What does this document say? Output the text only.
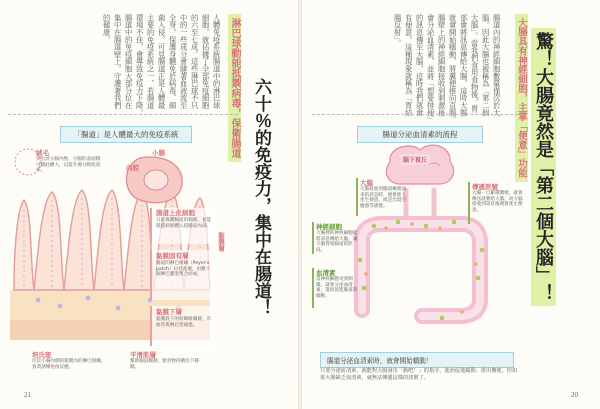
淋巴球動能抵禦病毒，保衛腸道
人體免疫系統腸道中的淋巴球
細胞，就佔據了全部免疫細胞
的六至七成。這些淋巴球不只
中的一些成分會隨著血液流至
全身，保護身體免於病毒、細
菌入侵。可見腸道正是人體最
主要的免疫系統之一，若腸道
環境不佳，會導致免疫力下降。
腸道中的免疫細胞大部分位在
集中在腸道壁上，守護著我們
的健康。
六十％的免疫力，集中在腸道！
「腸道」是人體最大的免疫系統
絨毛
突出於小腸內壁、小腸的表面積可藉此擴大，以提升養分吸收效率。
小腸
內腔
腸道上皮細胞
分泌保護腸道的黏液，並能阻擋病原體入侵腸道內部。
黏膜固有層
腸道的淋巴組織（Peyer's patch）位於此處，由數十個淋巴濾泡集合而成。
黏膜層
黏膜下層
黏膜底下的結締組織層，有血管與淋巴管通過。
培氏斑
位於小腸內側的黏膜內的淋巴組織，負責誘導免疫反應。
平滑肌層
幫助腸道蠕動，使食物持續往下移動。
21
大腸具有神經細胞，主掌「便意」功能
腸道內的神經細胞數量僅次於大
腦，因此大腸也被稱為「第二個
大腦」。當我們食用食物後，胃
部會將訊息傳給大腸，這時大腸
就會開始蠕動，將糞便推向直腸。
腸壁上的神經細胞接收到刺激後
會分泌血清素，並將「想要排便」
的訊息傳至大腦，這時我們就會
有便意，這種現象就稱為「胃結
腸反射」。
驚！大腸竟然是「第二個大腦」！
腸道分泌血清素的流程
腦下視丘
大腦
大腦接收到腸道傳遞而來的訊息時，便會使人產生便意，或是出現空腹感等感覺。
傳遞訊號
大腸一旦累積糞便，就會傳送訊號給大腦，而大腦接收到訊息後便會產生便意。
神經細胞
大腸裡的神經細胞能將訊息傳給大腦，讓大腦得知腸道的狀況。
血清素
當神經細胞受到刺激，就會分泌血清素，進而促進腸道的蠕動。
腸道分泌血清素時，就會開始蠕動！
只要分泌血清素，就能對大腸發出「動吧！」的指令，進而促進蠕動、排出糞便。但如果大腸缺乏血清素，就無法傳遞這樣的訊號了。
20
